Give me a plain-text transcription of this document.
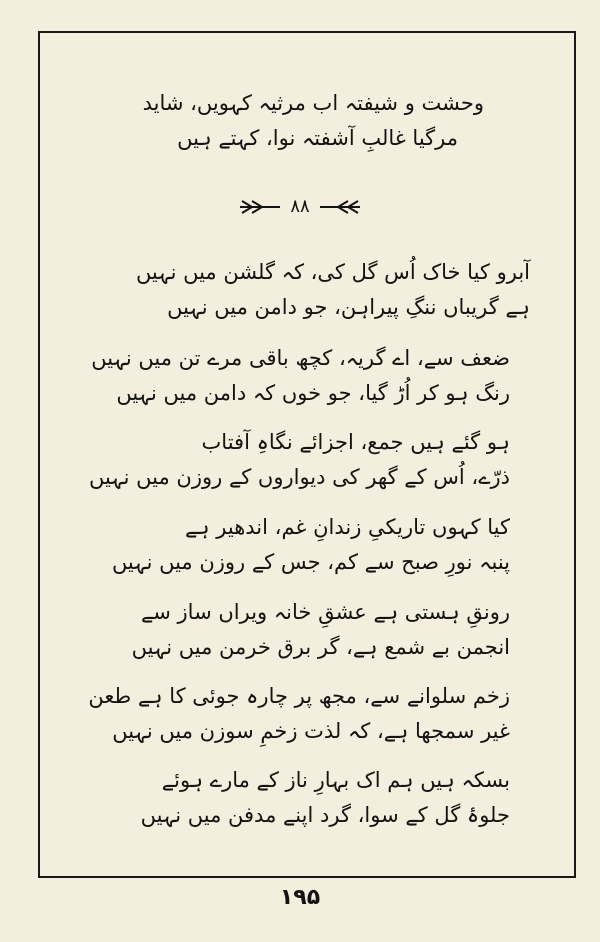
وحشت و شیفتہ اب مرثیہ کہویں، شاید
مرگیا غالبِ آشفتہ نوا، کہتے ہیں
۸۸
آبرو کیا خاک اُس گل کی، کہ گلشن میں نہیں
ہے گریباں ننگِ پیراہن، جو دامن میں نہیں
ضعف سے، اے گریہ، کچھ باقی مرے تن میں نہیں
رنگ ہو کر اُڑ گیا، جو خوں کہ دامن میں نہیں
ہو گئے ہیں جمع، اجزائے نگاہِ آفتاب
ذرّے، اُس کے گھر کی دیواروں کے روزن میں نہیں
کیا کہوں تاریکیِ زندانِ غم، اندھیر ہے
پنبہ نورِ صبح سے کم، جس کے روزن میں نہیں
رونقِ ہستی ہے عشقِ خانہ ویراں ساز سے
انجمن بے شمع ہے، گر برق خرمن میں نہیں
زخم سلوانے سے، مجھ پر چارہ جوئی کا ہے طعن
غیر سمجھا ہے، کہ لذت زخمِ سوزن میں نہیں
بسکہ ہیں ہم اک بہارِ ناز کے مارے ہوئے
جلوۂ گل کے سوا، گرد اپنے مدفن میں نہیں
۱۹۵
